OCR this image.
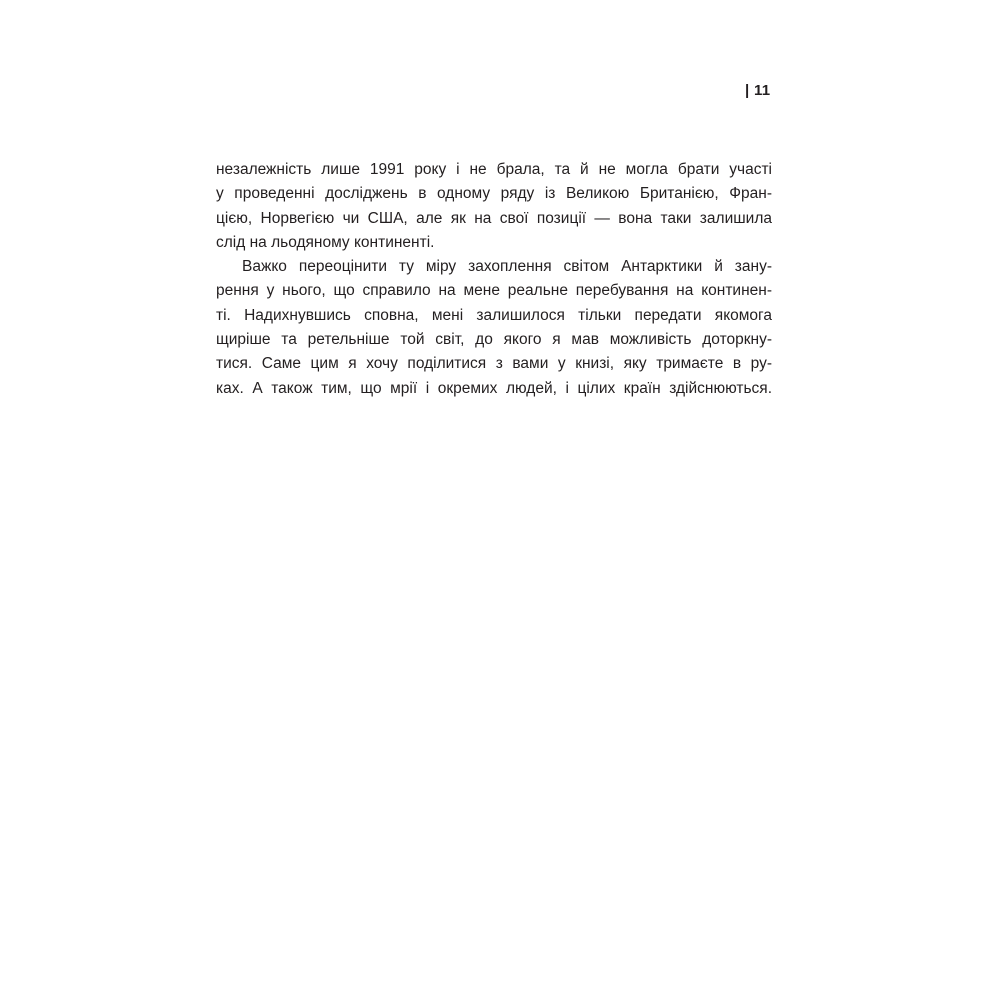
| 11
незалежність лише 1991 року і не брала, та й не могла брати участі
у проведенні досліджень в одному ряду із Великою Британією, Фран-
цією, Норвегією чи США, але як на свої позиції — вона таки залишила
слід на льодяному континенті.
Важко переоцінити ту міру захоплення світом Антарктики й зану-
рення у нього, що справило на мене реальне перебування на континен-
ті. Надихнувшись сповна, мені залишилося тільки передати якомога
щиріше та ретельніше той світ, до якого я мав можливість доторкну-
тися. Саме цим я хочу поділитися з вами у книзі, яку тримаєте в ру-
ках. А також тим, що мрії і окремих людей, і цілих країн здійснюються.
